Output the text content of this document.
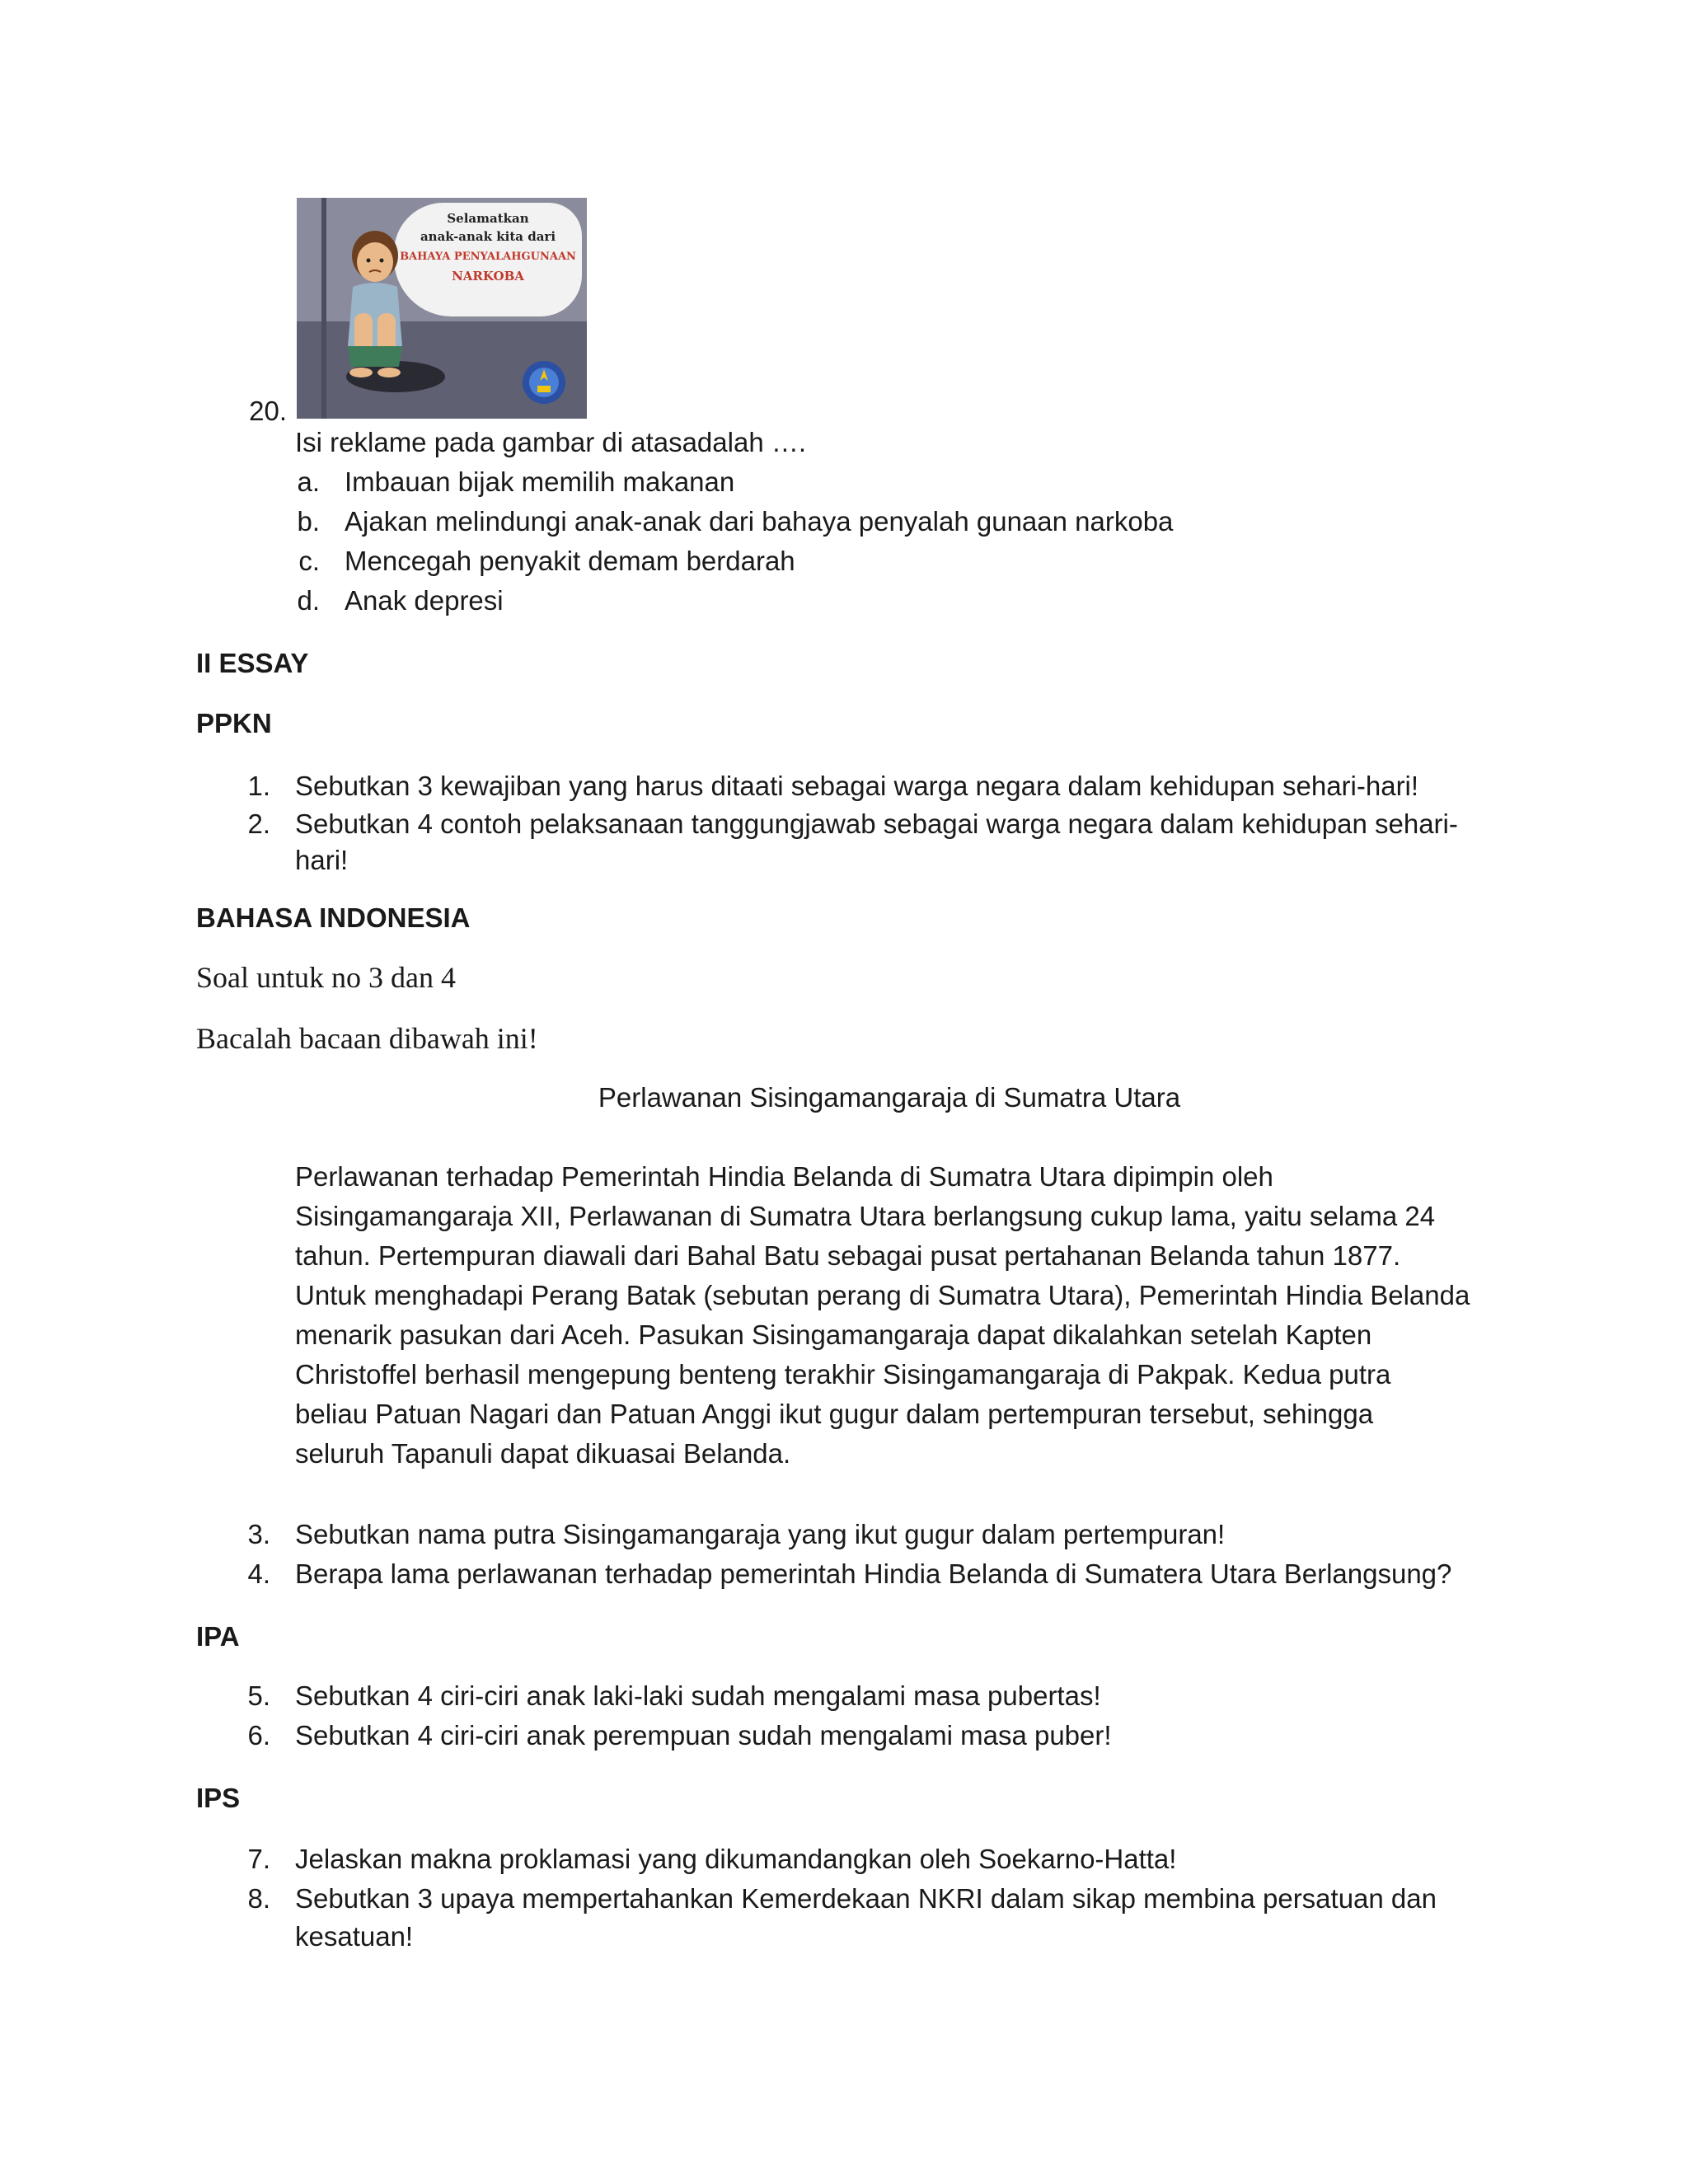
20.
Selamatkan
anak-anak kita dari
BAHAYA PENYALAHGUNAAN
NARKOBA
Isi reklame pada gambar di atasadalah ….
a. Imbauan bijak memilih makanan
b. Ajakan melindungi anak-anak dari bahaya penyalah gunaan narkoba
c. Mencegah penyakit demam berdarah
d. Anak depresi
II ESSAY
PPKN
1. Sebutkan 3 kewajiban yang harus ditaati sebagai warga negara dalam kehidupan sehari-hari!
2. Sebutkan 4 contoh pelaksanaan tanggungjawab sebagai warga negara dalam kehidupan sehari-
hari!
BAHASA INDONESIA
Soal untuk no 3 dan 4
Bacalah bacaan dibawah ini!
Perlawanan Sisingamangaraja di Sumatra Utara
Perlawanan terhadap Pemerintah Hindia Belanda di Sumatra Utara dipimpin oleh
Sisingamangaraja XII, Perlawanan di Sumatra Utara berlangsung cukup lama, yaitu selama 24
tahun. Pertempuran diawali dari Bahal Batu sebagai pusat pertahanan Belanda tahun 1877.
Untuk menghadapi Perang Batak (sebutan perang di Sumatra Utara), Pemerintah Hindia Belanda
menarik pasukan dari Aceh. Pasukan Sisingamangaraja dapat dikalahkan setelah Kapten
Christoffel berhasil mengepung benteng terakhir Sisingamangaraja di Pakpak. Kedua putra
beliau Patuan Nagari dan Patuan Anggi ikut gugur dalam pertempuran tersebut, sehingga
seluruh Tapanuli dapat dikuasai Belanda.
3. Sebutkan nama putra Sisingamangaraja yang ikut gugur dalam pertempuran!
4. Berapa lama perlawanan terhadap pemerintah Hindia Belanda di Sumatera Utara Berlangsung?
IPA
5. Sebutkan 4 ciri-ciri anak laki-laki sudah mengalami masa pubertas!
6. Sebutkan 4 ciri-ciri anak perempuan sudah mengalami masa puber!
IPS
7. Jelaskan makna proklamasi yang dikumandangkan oleh Soekarno-Hatta!
8. Sebutkan 3 upaya mempertahankan Kemerdekaan NKRI dalam sikap membina persatuan dan
kesatuan!
